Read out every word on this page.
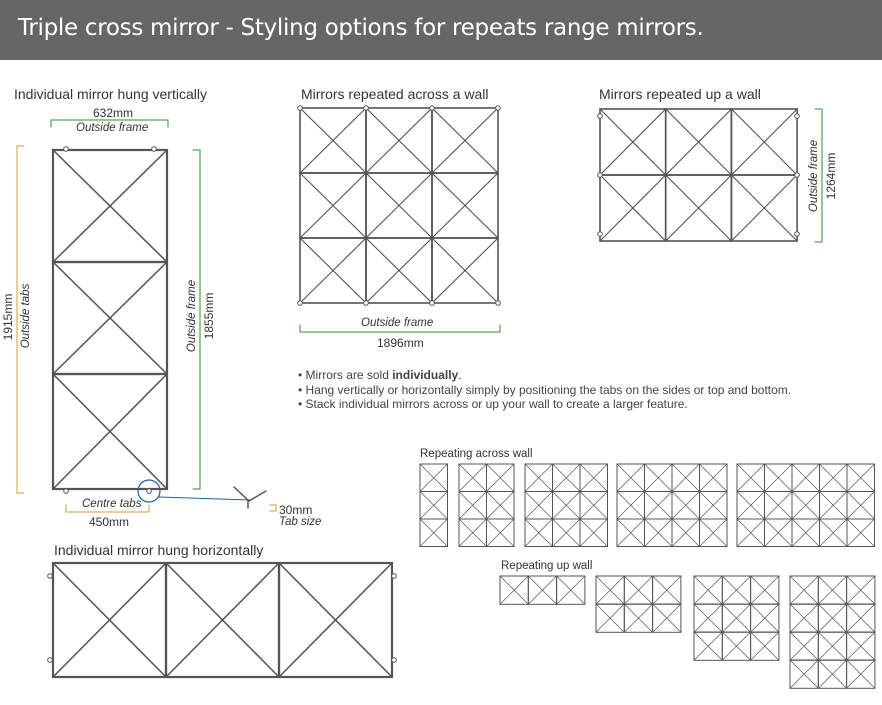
Triple cross mirror - Styling options for repeats range mirrors.
Individual mirror hung vertically
632mm
Outside frame
1915mm Outside tabs	Outside frame 1855mm
Centre tabs
450mm
30mm
Tab size
Mirrors repeated across a wall
Outside frame
1896mm
Mirrors repeated up a wall
Outside frame 1264mm
• Mirrors are sold individually.
• Hang vertically or horizontally simply by positioning the tabs on the sides or top and bottom.
• Stack individual mirrors across or up your wall to create a larger feature.
Repeating across wall
Repeating up wall
Individual mirror hung horizontally
